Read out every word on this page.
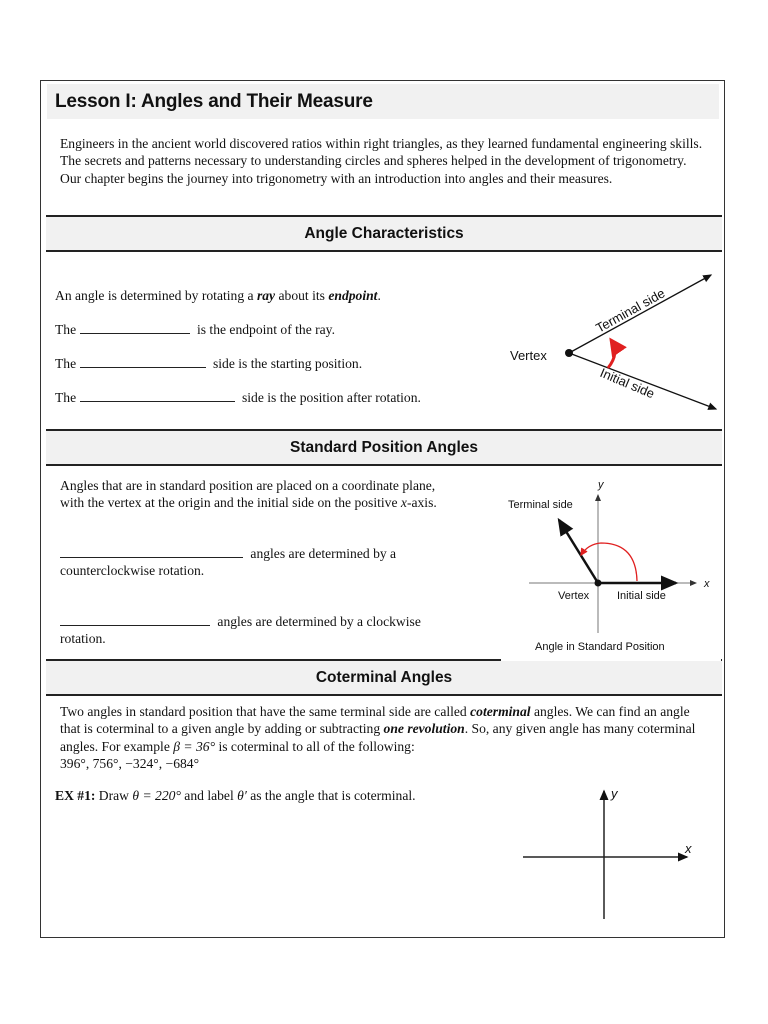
Lesson I: Angles and Their Measure
Engineers in the ancient world discovered ratios within right triangles, as they learned fundamental engineering skills. The secrets and patterns necessary to understanding circles and spheres helped in the development of trigonometry. Our chapter begins the journey into trigonometry with an introduction into angles and their measures.
Angle Characteristics
An angle is determined by rotating a ray about its endpoint.
The	is the endpoint of the ray.
The	side is the starting position.
The	side is the position after rotation.
Terminal side
Initial side
Vertex
Standard Position Angles
Angles that are in standard position are placed on a coordinate plane, with the vertex at the origin and the initial side on the positive x-axis.
angles are determined by a counterclockwise rotation.
angles are determined by a clockwise rotation.
y
x
Terminal side
Vertex	Initial side
Angle in Standard Position
Coterminal Angles
Two angles in standard position that have the same terminal side are called coterminal angles. We can find an angle that is coterminal to a given angle by adding or subtracting one revolution. So, any given angle has many coterminal angles. For example β = 36° is coterminal to all of the following:
396°, 756°, −324°, −684°
EX #1: Draw θ = 220° and label θ′ as the angle that is coterminal.	y
x
